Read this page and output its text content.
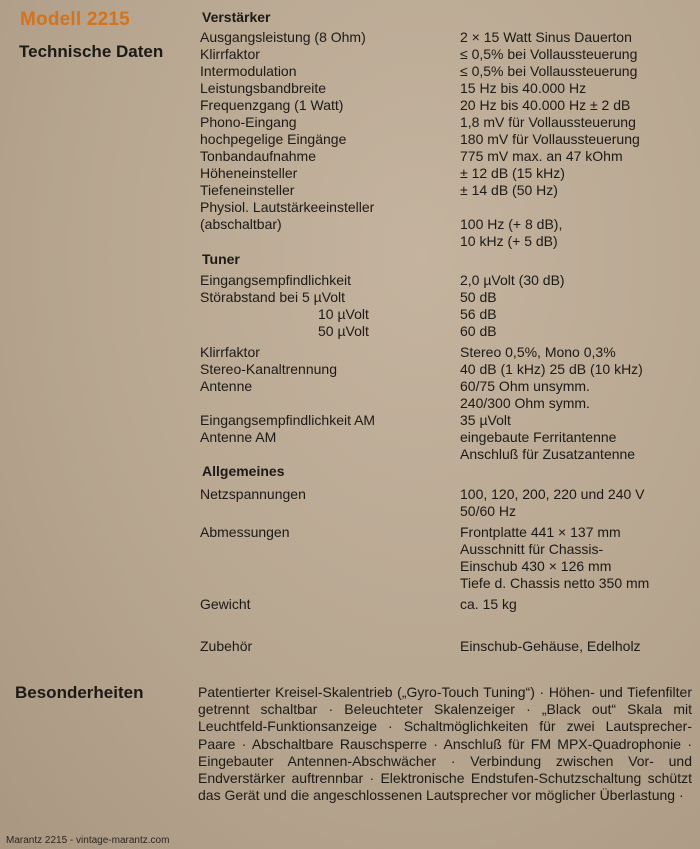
Modell 2215
Technische Daten
Verstärker
Ausgangsleistung (8 Ohm)	2 × 15 Watt Sinus Dauerton
Klirrfaktor	≤ 0,5% bei Vollaussteuerung
Intermodulation	≤ 0,5% bei Vollaussteuerung
Leistungsbandbreite	15 Hz bis 40.000 Hz
Frequenzgang (1 Watt)	20 Hz bis 40.000 Hz ± 2 dB
Phono-Eingang	1,8 mV für Vollaussteuerung
hochpegelige Eingänge	180 mV für Vollaussteuerung
Tonbandaufnahme	775 mV max. an 47 kOhm
Höheneinsteller	± 12 dB (15 kHz)
Tiefeneinsteller	± 14 dB (50 Hz)
Physiol. Lautstärkeeinsteller
(abschaltbar)	100 Hz (+ 8 dB),
10 kHz (+ 5 dB)
Tuner
Eingangsempfindlichkeit	2,0 µVolt (30 dB)
Störabstand bei 5 µVolt	50 dB
10 µVolt	56 dB
50 µVolt	60 dB
Klirrfaktor	Stereo 0,5%, Mono 0,3%
Stereo-Kanaltrennung	40 dB (1 kHz) 25 dB (10 kHz)
Antenne	60/75 Ohm unsymm.
240/300 Ohm symm.
Eingangsempfindlichkeit AM	35 µVolt
Antenne AM	eingebaute Ferritantenne
Anschluß für Zusatzantenne
Allgemeines
Netzspannungen	100, 120, 200, 220 und 240 V
50/60 Hz
Abmessungen	Frontplatte 441 × 137 mm
Ausschnitt für Chassis-
Einschub 430 × 126 mm
Tiefe d. Chassis netto 350 mm
Gewicht	ca. 15 kg
Zubehör	Einschub-Gehäuse, Edelholz
Besonderheiten	Patentierter Kreisel-Skalentrieb („Gyro-Touch Tuning“) · Höhen- und Tiefenfilter getrennt schaltbar · Beleuchteter Skalenzeiger · „Black out“ Skala mit Leuchtfeld-Funktionsanzeige · Schaltmöglichkeiten für zwei Lautsprecher-Paare · Abschaltbare Rauschsperre · Anschluß für FM MPX-Quadrophonie · Eingebauter Antennen-Abschwächer · Verbindung zwischen Vor- und Endverstärker auftrennbar · Elektronische Endstufen-Schutzschaltung schützt das Gerät und die angeschlossenen Lautsprecher vor möglicher Überlastung ·
Marantz 2215 - vintage-marantz.com
